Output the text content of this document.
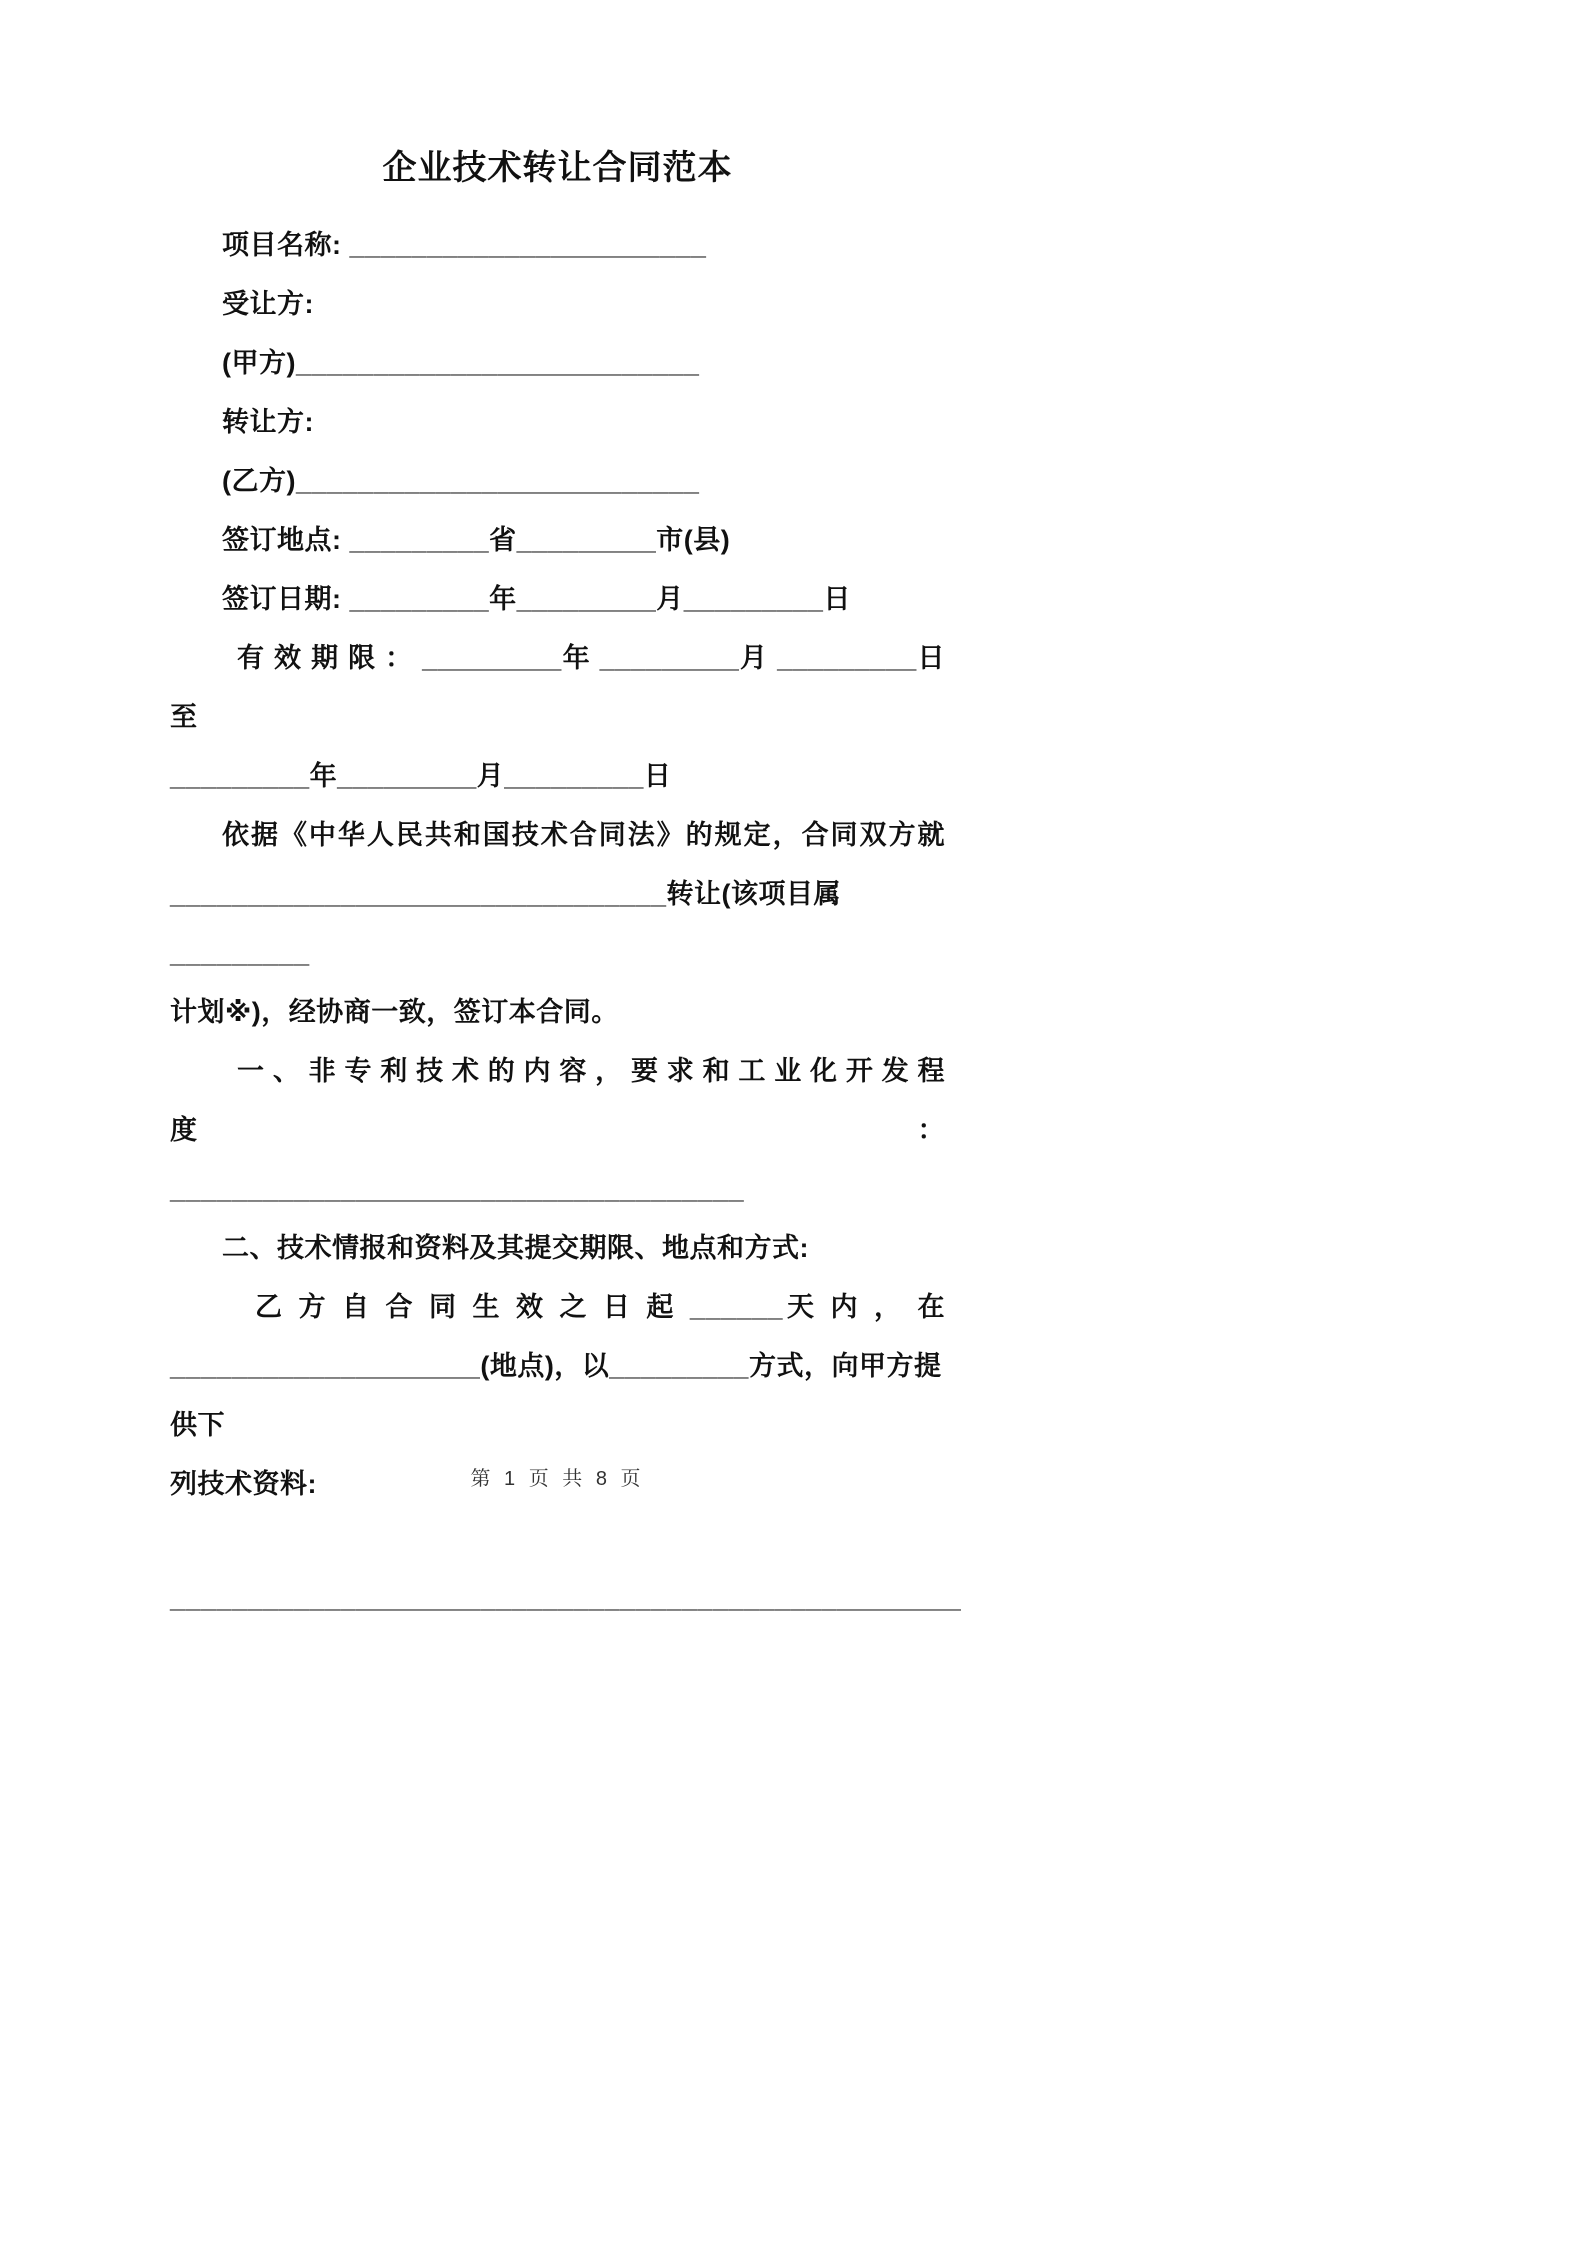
企业技术转让合同范本
项目名称: _______________________
受让方:
(甲方)__________________________
转让方:
(乙方)__________________________
签订地点: _________省_________市(县)
签订日期: _________年_________月_________日
有 效 期 限 ： _________年 _________月 _________日 至
_________年_________月_________日
依据《中华人民共和国技术合同法》的规定，合同双方就
________________________________转让(该项目属_________
计划※)，经协商一致，签订本合同。
一 、 非 专 利 技 术 的 内 容 ， 要 求 和 工 业 化 开 发 程 度 ：
_____________________________________
二、技术情报和资料及其提交期限、地点和方式:
乙 方 自 合 同 生 效 之 日 起 ______天 内 ， 在
____________________(地点)，以_________方式，向甲方提供下
列技术资料:
___________________________________________________
第 1 页 共 8 页
